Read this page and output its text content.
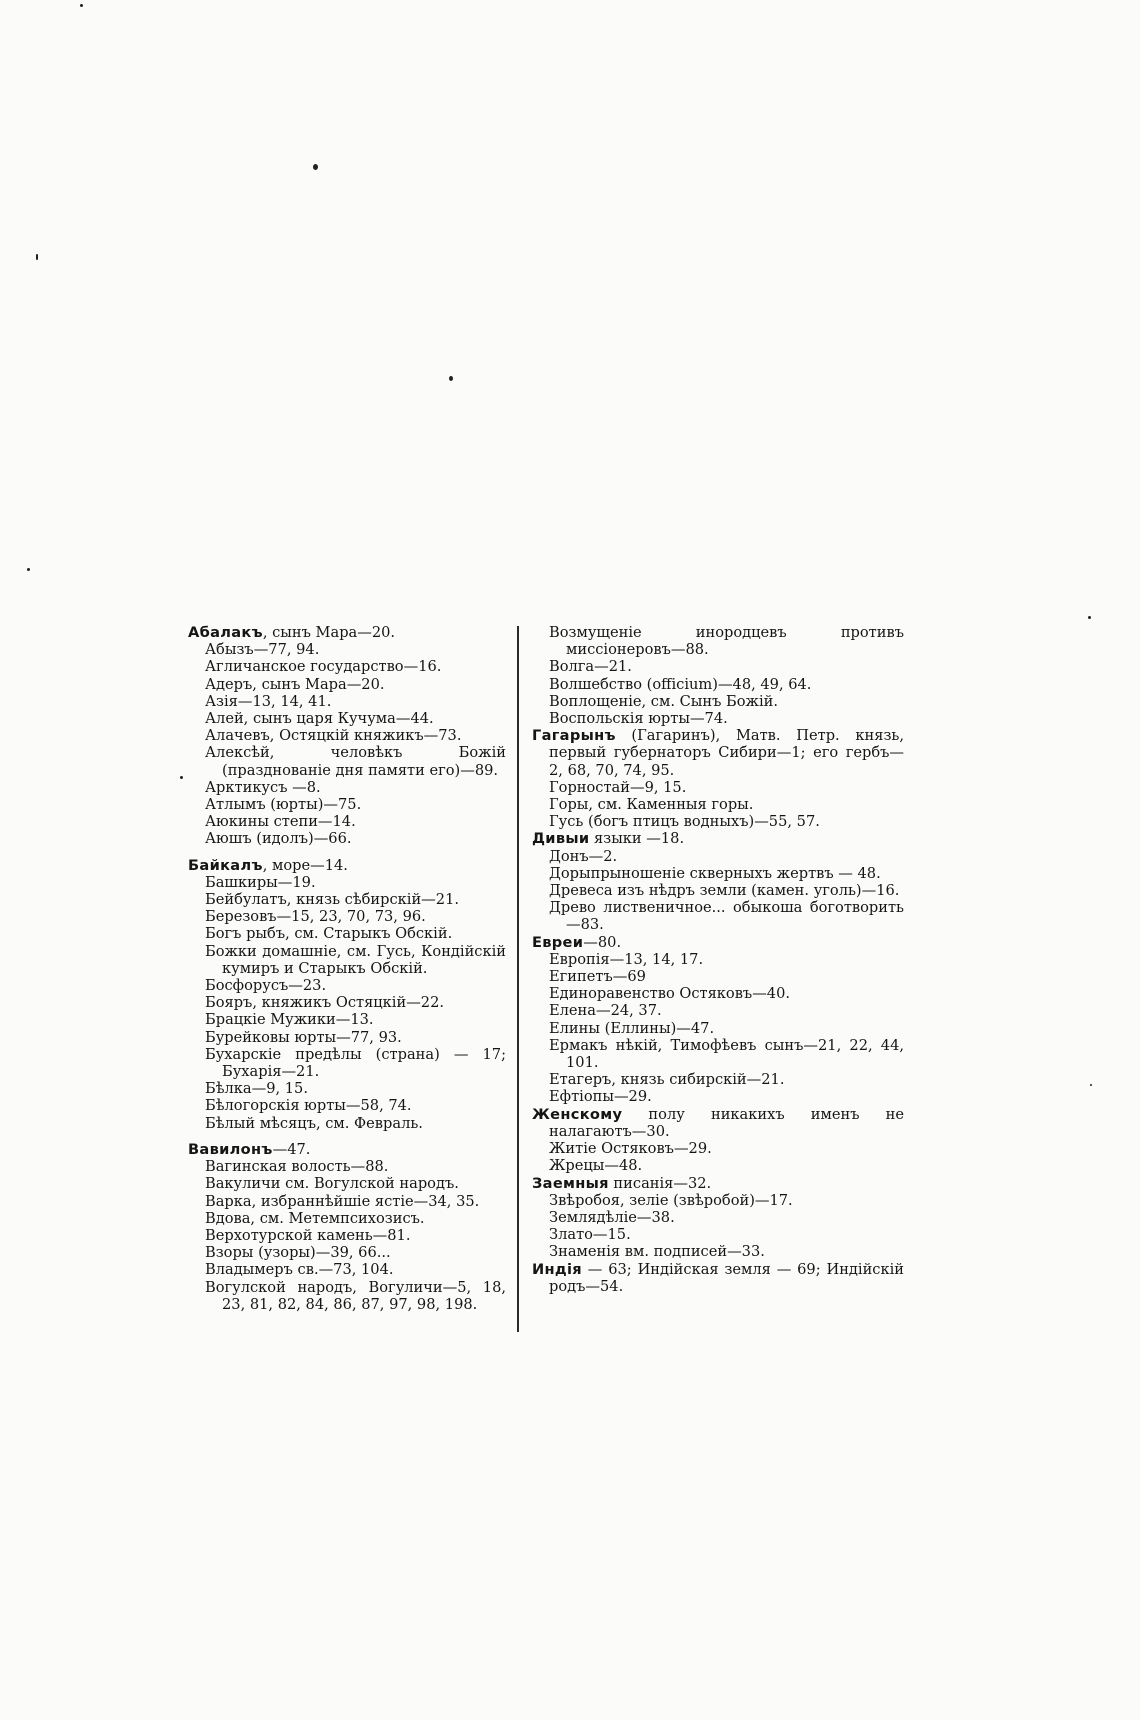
Абалакъ, сынъ Мара—20.
Абызъ—77, 94.
Агличанское государство—16.
Адеръ, сынъ Мара—20.
Азія—13, 14, 41.
Алей, сынъ царя Кучума—44.
Алачевъ, Остяцкій княжикъ—73.
Алексѣй, человѣкъ Божій (празднованіе дня памяти его)—89.
Арктикусъ —8.
Атлымъ (юрты)—75.
Аюкины степи—14.
Аюшъ (идолъ)—66.
Байкалъ, море—14.
Башкиры—19.
Бейбулатъ, князь сѣбирскій—21.
Березовъ—15, 23, 70, 73, 96.
Богъ рыбъ, см. Старыкъ Обскій.
Божки домашніе, см. Гусь, Кондійскій кумиръ и Старыкъ Обскій.
Босфорусъ—23.
Бояръ, княжикъ Остяцкій—22.
Брацкіе Мужики—13.
Бурейковы юрты—77, 93.
Бухарскіе предѣлы (страна) — 17; Бухарія—21.
Бѣлка—9, 15.
Бѣлогорскія юрты—58, 74.
Бѣлый мѣсяцъ, см. Февраль.
Вавилонъ—47.
Вагинская волость—88.
Вакуличи см. Вогулской народъ.
Варка, избраннѣйшіе ястіе—34, 35.
Вдова, см. Метемпсихозисъ.
Верхотурской камень—81.
Взоры (узоры)—39, 66...
Владымеръ св.—73, 104.
Вогулской народъ, Вогуличи—5, 18, 23, 81, 82, 84, 86, 87, 97, 98, 198.
Возмущеніе инородцевъ противъ миссіонеровъ—88.
Волга—21.
Волшебство (officium)—48, 49, 64.
Воплощеніе, см. Сынъ Божій.
Воспольскія юрты—74.
Гагарынъ (Гагаринъ), Матв. Петр. князь, первый губернаторъ Сибири—1; его гербъ—2, 68, 70, 74, 95.
Горностай—9, 15.
Горы, см. Каменныя горы.
Гусь (богъ птицъ водныхъ)—55, 57.
Дивыи языки —18.
Донъ—2.
Дорыпрыношеніе скверныхъ жертвъ — 48.
Древеса изъ нѣдръ земли (камен. уголь)—16.
Древо лиственичное... обыкоша боготворить—83.
Евреи—80.
Европія—13, 14, 17.
Египетъ—69
Единоравенство Остяковъ—40.
Елена—24, 37.
Елины (Еллины)—47.
Ермакъ нѣкій, Тимофѣевъ сынъ—21, 22, 44, 101.
Етагеръ, князь сибирскій—21.
Ефтіопы—29.
Женскому полу никакихъ именъ не налагаютъ—30.
Житіе Остяковъ—29.
Жрецы—48.
Заемныя писанія—32.
Звѣробоя, зеліе (звѣробой)—17.
Землядѣліе—38.
Злато—15.
Знаменія вм. подписей—33.
Индія — 63; Индійская земля — 69; Индійскій родъ—54.
